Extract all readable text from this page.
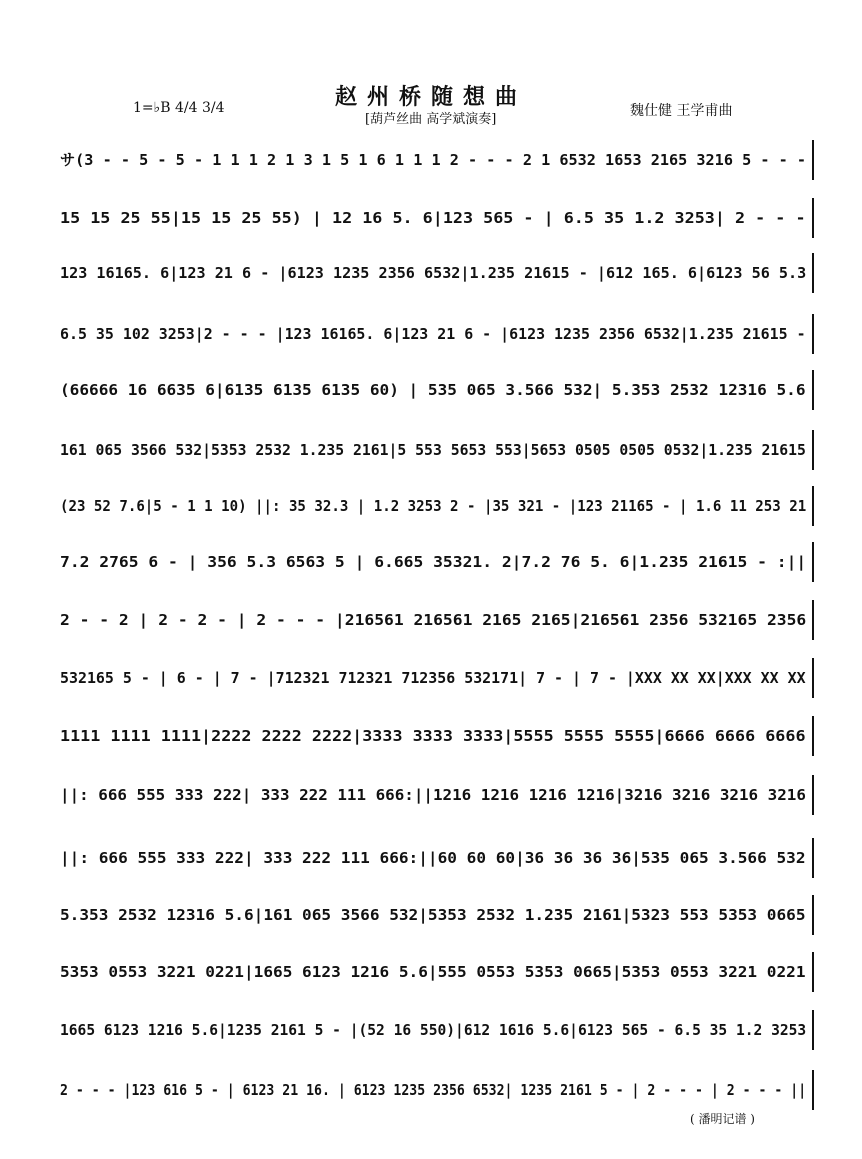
赵州桥随想曲
1=♭B 4/4 3/4
[葫芦丝曲 高学斌演奏]
魏仕健 王学甫曲
サ(3 - - 5 - 5 - 1 1 1 2 1 3 1 5 1 6 1 1 1 2 - - - 2 1 6532 1653 2165 3216 5 - - -
15 15 25 55|15 15 25 55) | 12 16 5. 6|123 565 - | 6.5 35 1.2 3253| 2 - - -
123 16165. 6|123 21 6 - |6123 1235 2356 6532|1.235 21615 - |612 165. 6|6123 56 5.3
6.5 35 102 3253|2 - - - |123 16165. 6|123 21 6 - |6123 1235 2356 6532|1.235 21615 -
(66666 16 6635 6|6135 6135 6135 60) | 535 065 3.566 532| 5.353 2532 12316 5.6
161 065 3566 532|5353 2532 1.235 2161|5 553 5653 553|5653 0505 0505 0532|1.235 21615
(23 52 7.6|5 - 1 1 10) ||: 35 32.3 | 1.2 3253 2 - |35 321 - |123 21165 - | 1.6 11 253 21
7.2 2765 6 - | 356 5.3 6563 5 | 6.665 35321. 2|7.2 76 5. 6|1.235 21615 - :||
2 - - 2 | 2 - 2 - | 2 - - - |216561 216561 2165 2165|216561 2356 532165 2356
532165 5 - | 6 - | 7 - |712321 712321 712356 532171| 7 - | 7 - |XXX XX XX|XXX XX XX
1111 1111 1111|2222 2222 2222|3333 3333 3333|5555 5555 5555|6666 6666 6666
||: 666 555 333 222| 333 222 111 666:||1216 1216 1216 1216|3216 3216 3216 3216
||: 666 555 333 222| 333 222 111 666:||60 60 60|36 36 36 36|535 065 3.566 532
5.353 2532 12316 5.6|161 065 3566 532|5353 2532 1.235 2161|5323 553 5353 0665
5353 0553 3221 0221|1665 6123 1216 5.6|555 0553 5353 0665|5353 0553 3221 0221
1665 6123 1216 5.6|1235 2161 5 - |(52 16 550)|612 1616 5.6|6123 565 - 6.5 35 1.2 3253
2 - - - |123 616 5 - | 6123 21 16. | 6123 1235 2356 6532| 1235 2161 5 - | 2 - - - | 2 - - - ||
( 潘明记谱 )
